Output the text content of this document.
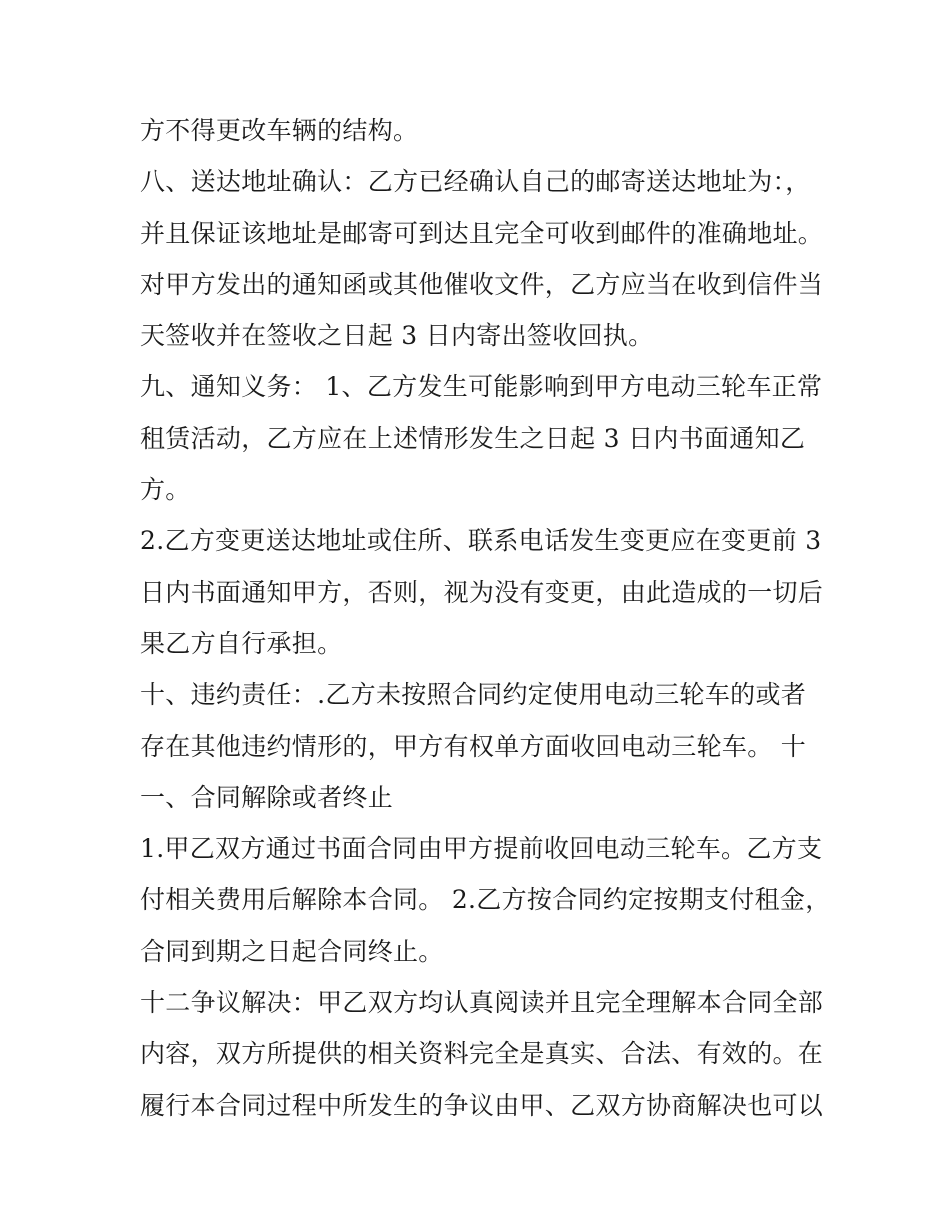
方不得更改车辆的结构。
八、送达地址确认：乙方已经确认自己的邮寄送达地址为：，
并且保证该地址是邮寄可到达且完全可收到邮件的准确地址。
对甲方发出的通知函或其他催收文件，乙方应当在收到信件当
天签收并在签收之日起 3 日内寄出签收回执。
九、通知义务： 1、乙方发生可能影响到甲方电动三轮车正常
租赁活动，乙方应在上述情形发生之日起 3 日内书面通知乙
方。
2.乙方变更送达地址或住所、联系电话发生变更应在变更前 3
日内书面通知甲方，否则，视为没有变更，由此造成的一切后
果乙方自行承担。
十、违约责任：.乙方未按照合同约定使用电动三轮车的或者
存在其他违约情形的，甲方有权单方面收回电动三轮车。 十
一、合同解除或者终止
1.甲乙双方通过书面合同由甲方提前收回电动三轮车。乙方支
付相关费用后解除本合同。 2.乙方按合同约定按期支付租金，
合同到期之日起合同终止。
十二争议解决：甲乙双方均认真阅读并且完全理解本合同全部
内容，双方所提供的相关资料完全是真实、合法、有效的。在
履行本合同过程中所发生的争议由甲、乙双方协商解决也可以
